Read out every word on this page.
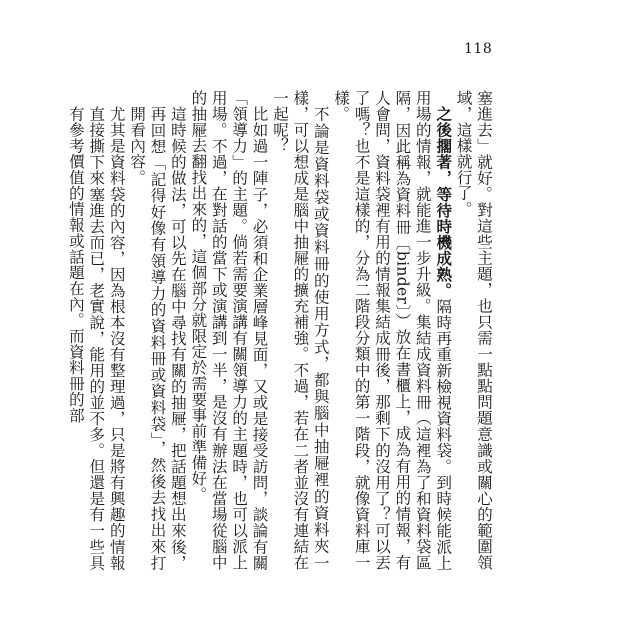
118

塞進去」就好。對這些主題，也只需一點點問題意識或關心的範圍領域，這樣就行了。

之後擱著，等待時機成熟。隔時再重新檢視資料袋。到時候能派上用場的情報，就能進一步升級。集結成資料冊（這裡為了和資料袋區隔，因此稱為資料冊〔binder〕）放在書櫃上，成為有用的情報，有人會問，資料袋裡有用的情報集結成冊後，那剩下的沒用了？可以丟了嗎？也不是這樣的，分為二階段分類中的第一階段，就像資料庫一樣。

不論是資料袋或資料冊的使用方式，都與腦中抽屜裡的資料夾一樣，可以想成是腦中抽屜的擴充補強。不過，若在二者並沒有連結在一起呢？

比如過一陣子，必須和企業層峰見面，又或是接受訪問，談論有關「領導力」的主題。倘若需要演講有關領導力的主題時，也可以派上用場。不過，在對話的當下或演講到一半，是沒有辦法在當場從腦中的抽屜去翻找出來的，這個部分就限定於需要事前準備好。

這時候的做法，可以先在腦中尋找有關的抽屜，把話題想出來後，再回想「記得好像有領導力的資料冊或資料袋」，然後去找出來打開看內容。
尤其是資料袋的內容，因為根本沒有整理過，只是將有興趣的情報直接撕下來塞進去而已，老實說，能用的並不多。但還是有一些具有參考價值的情報或話題在內。而資料冊的部
